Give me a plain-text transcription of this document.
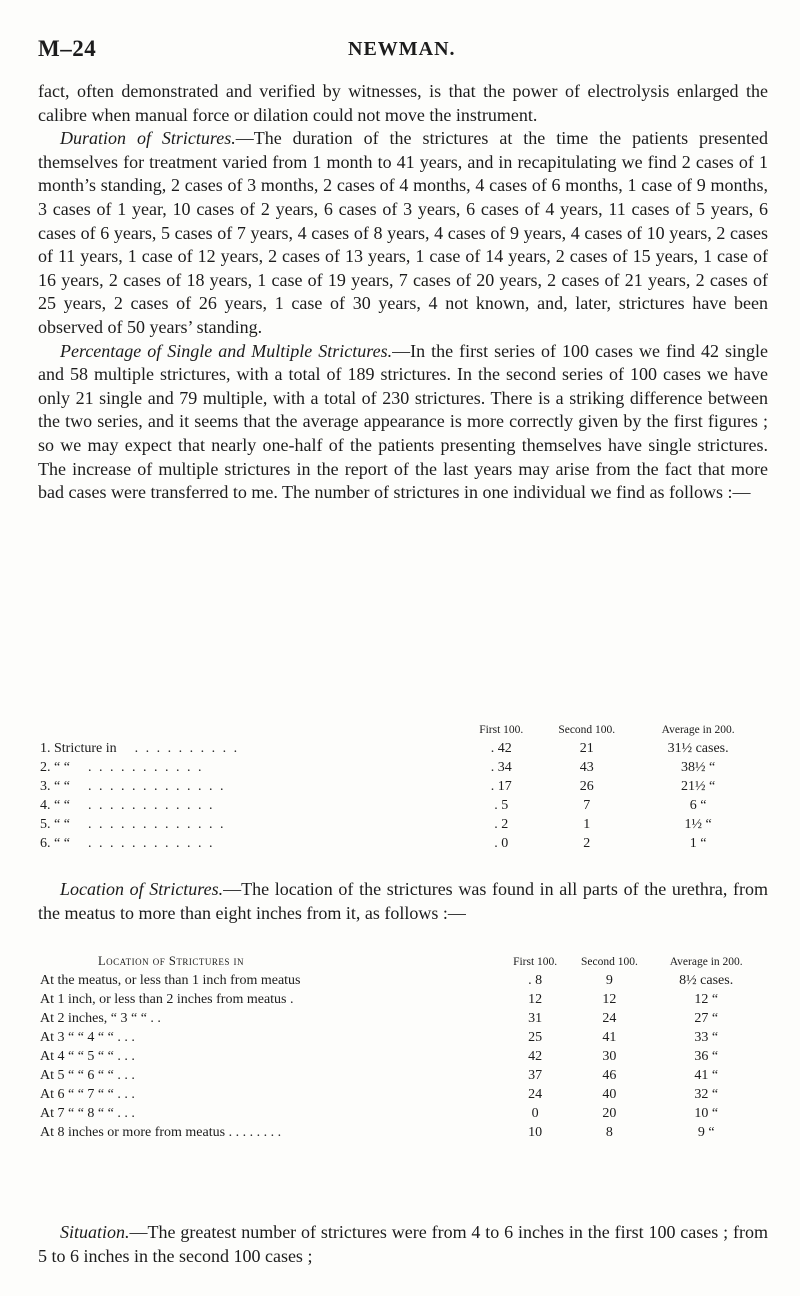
M–24	NEWMAN.

fact, often demonstrated and verified by witnesses, is that the power of electrolysis enlarged the calibre when manual force or dilation could not move the instrument.

Duration of Strictures.—The duration of the strictures at the time the patients presented themselves for treatment varied from 1 month to 41 years, and in recapitulating we find 2 cases of 1 month’s standing, 2 cases of 3 months, 2 cases of 4 months, 4 cases of 6 months, 1 case of 9 months, 3 cases of 1 year, 10 cases of 2 years, 6 cases of 3 years, 6 cases of 4 years, 11 cases of 5 years, 6 cases of 6 years, 5 cases of 7 years, 4 cases of 8 years, 4 cases of 9 years, 4 cases of 10 years, 2 cases of 11 years, 1 case of 12 years, 2 cases of 13 years, 1 case of 14 years, 2 cases of 15 years, 1 case of 16 years, 2 cases of 18 years, 1 case of 19 years, 7 cases of 20 years, 2 cases of 21 years, 2 cases of 25 years, 2 cases of 26 years, 1 case of 30 years, 4 not known, and, later, strictures have been observed of 50 years’ standing.

Percentage of Single and Multiple Strictures.—In the first series of 100 cases we find 42 single and 58 multiple strictures, with a total of 189 strictures. In the second series of 100 cases we have only 21 single and 79 multiple, with a total of 230 strictures. There is a striking difference between the two series, and it seems that the average appearance is more correctly given by the first figures ; so we may expect that nearly one-half of the patients presenting themselves have single strictures. The increase of multiple strictures in the report of the last years may arise from the fact that more bad cases were transferred to me. The number of strictures in one individual we find as follows :—

	First 100.	Second 100.	Average in 200.
1. Stricture in . . . . . . . . . .	. 42	21	31½ cases.
2. “ “ . . . . . . . . . . .	. 34	43	38½ “
3. “ “ . . . . . . . . . . . . .	. 17	26	21½ “
4. “ “ . . . . . . . . . . . .	. 5	7	6 “
5. “ “ . . . . . . . . . . . . .	. 2	1	1½ “
6. “ “ . . . . . . . . . . . .	. 0	2	1 “

Location of Strictures.—The location of the strictures was found in all parts of the urethra, from the meatus to more than eight inches from it, as follows :—

Location of Strictures in	First 100.	Second 100.	Average in 200.
At the meatus, or less than 1 inch from meatus	. 8	9	8½ cases.
At 1 inch, or less than 2 inches from meatus .	12	12	12 “
At 2 inches, “ 3 “ “ . .	31	24	27 “
At 3 “ “ 4 “ “ . . .	25	41	33 “
At 4 “ “ 5 “ “ . . .	42	30	36 “
At 5 “ “ 6 “ “ . . .	37	46	41 “
At 6 “ “ 7 “ “ . . .	24	40	32 “
At 7 “ “ 8 “ “ . . .	0	20	10 “
At 8 inches or more from meatus . . . . . . . .	10	8	9 “

Situation.—The greatest number of strictures were from 4 to 6 inches in the first 100 cases ; from 5 to 6 inches in the second 100 cases ;
